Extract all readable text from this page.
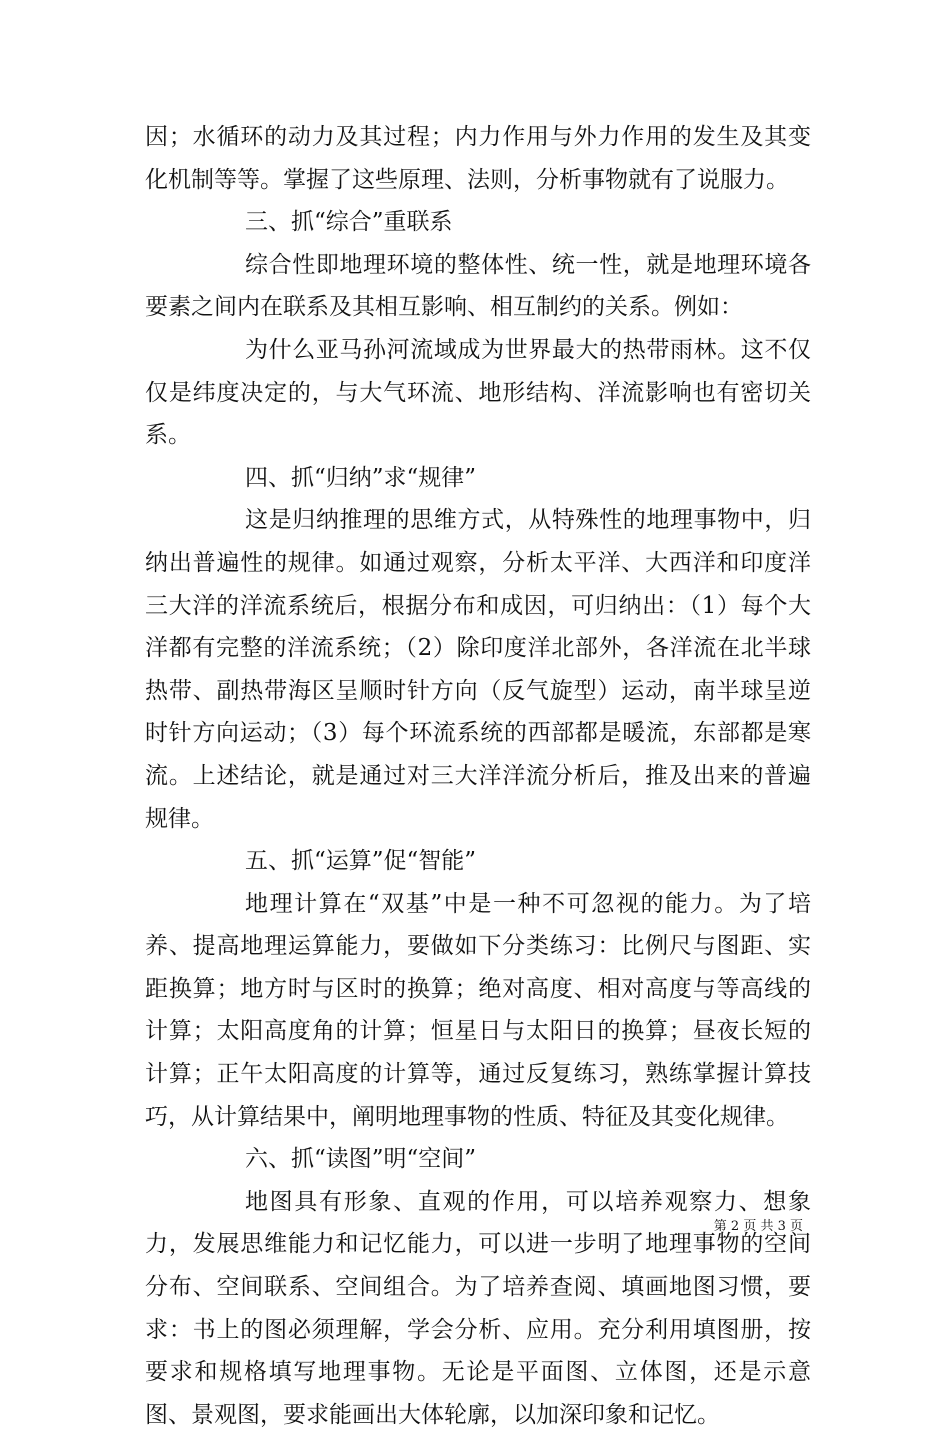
因；水循环的动力及其过程；内力作用与外力作用的发生及其变化机制等等。掌握了这些原理、法则，分析事物就有了说服力。

三、抓“综合”重联系

综合性即地理环境的整体性、统一性，就是地理环境各要素之间内在联系及其相互影响、相互制约的关系。例如：

为什么亚马孙河流域成为世界最大的热带雨林。这不仅仅是纬度决定的，与大气环流、地形结构、洋流影响也有密切关系。

四、抓“归纳”求“规律”

这是归纳推理的思维方式，从特殊性的地理事物中，归纳出普遍性的规律。如通过观察，分析太平洋、大西洋和印度洋三大洋的洋流系统后，根据分布和成因，可归纳出：（1）每个大洋都有完整的洋流系统；（2）除印度洋北部外，各洋流在北半球热带、副热带海区呈顺时针方向（反气旋型）运动，南半球呈逆时针方向运动；（3）每个环流系统的西部都是暖流，东部都是寒流。上述结论，就是通过对三大洋洋流分析后，推及出来的普遍规律。

五、抓“运算”促“智能”

地理计算在“双基”中是一种不可忽视的能力。为了培养、提高地理运算能力，要做如下分类练习：比例尺与图距、实距换算；地方时与区时的换算；绝对高度、相对高度与等高线的计算；太阳高度角的计算；恒星日与太阳日的换算；昼夜长短的计算；正午太阳高度的计算等，通过反复练习，熟练掌握计算技巧，从计算结果中，阐明地理事物的性质、特征及其变化规律。

六、抓“读图”明“空间”

地图具有形象、直观的作用，可以培养观察力、想象力，发展思维能力和记忆能力，可以进一步明了地理事物的空间分布、空间联系、空间组合。为了培养查阅、填画地图习惯，要求：书上的图必须理解，学会分析、应用。充分利用填图册，按要求和规格填写地理事物。无论是平面图、立体图，还是示意图、景观图，要求能画出大体轮廓，以加深印象和记忆。

第 2 页 共 3 页
